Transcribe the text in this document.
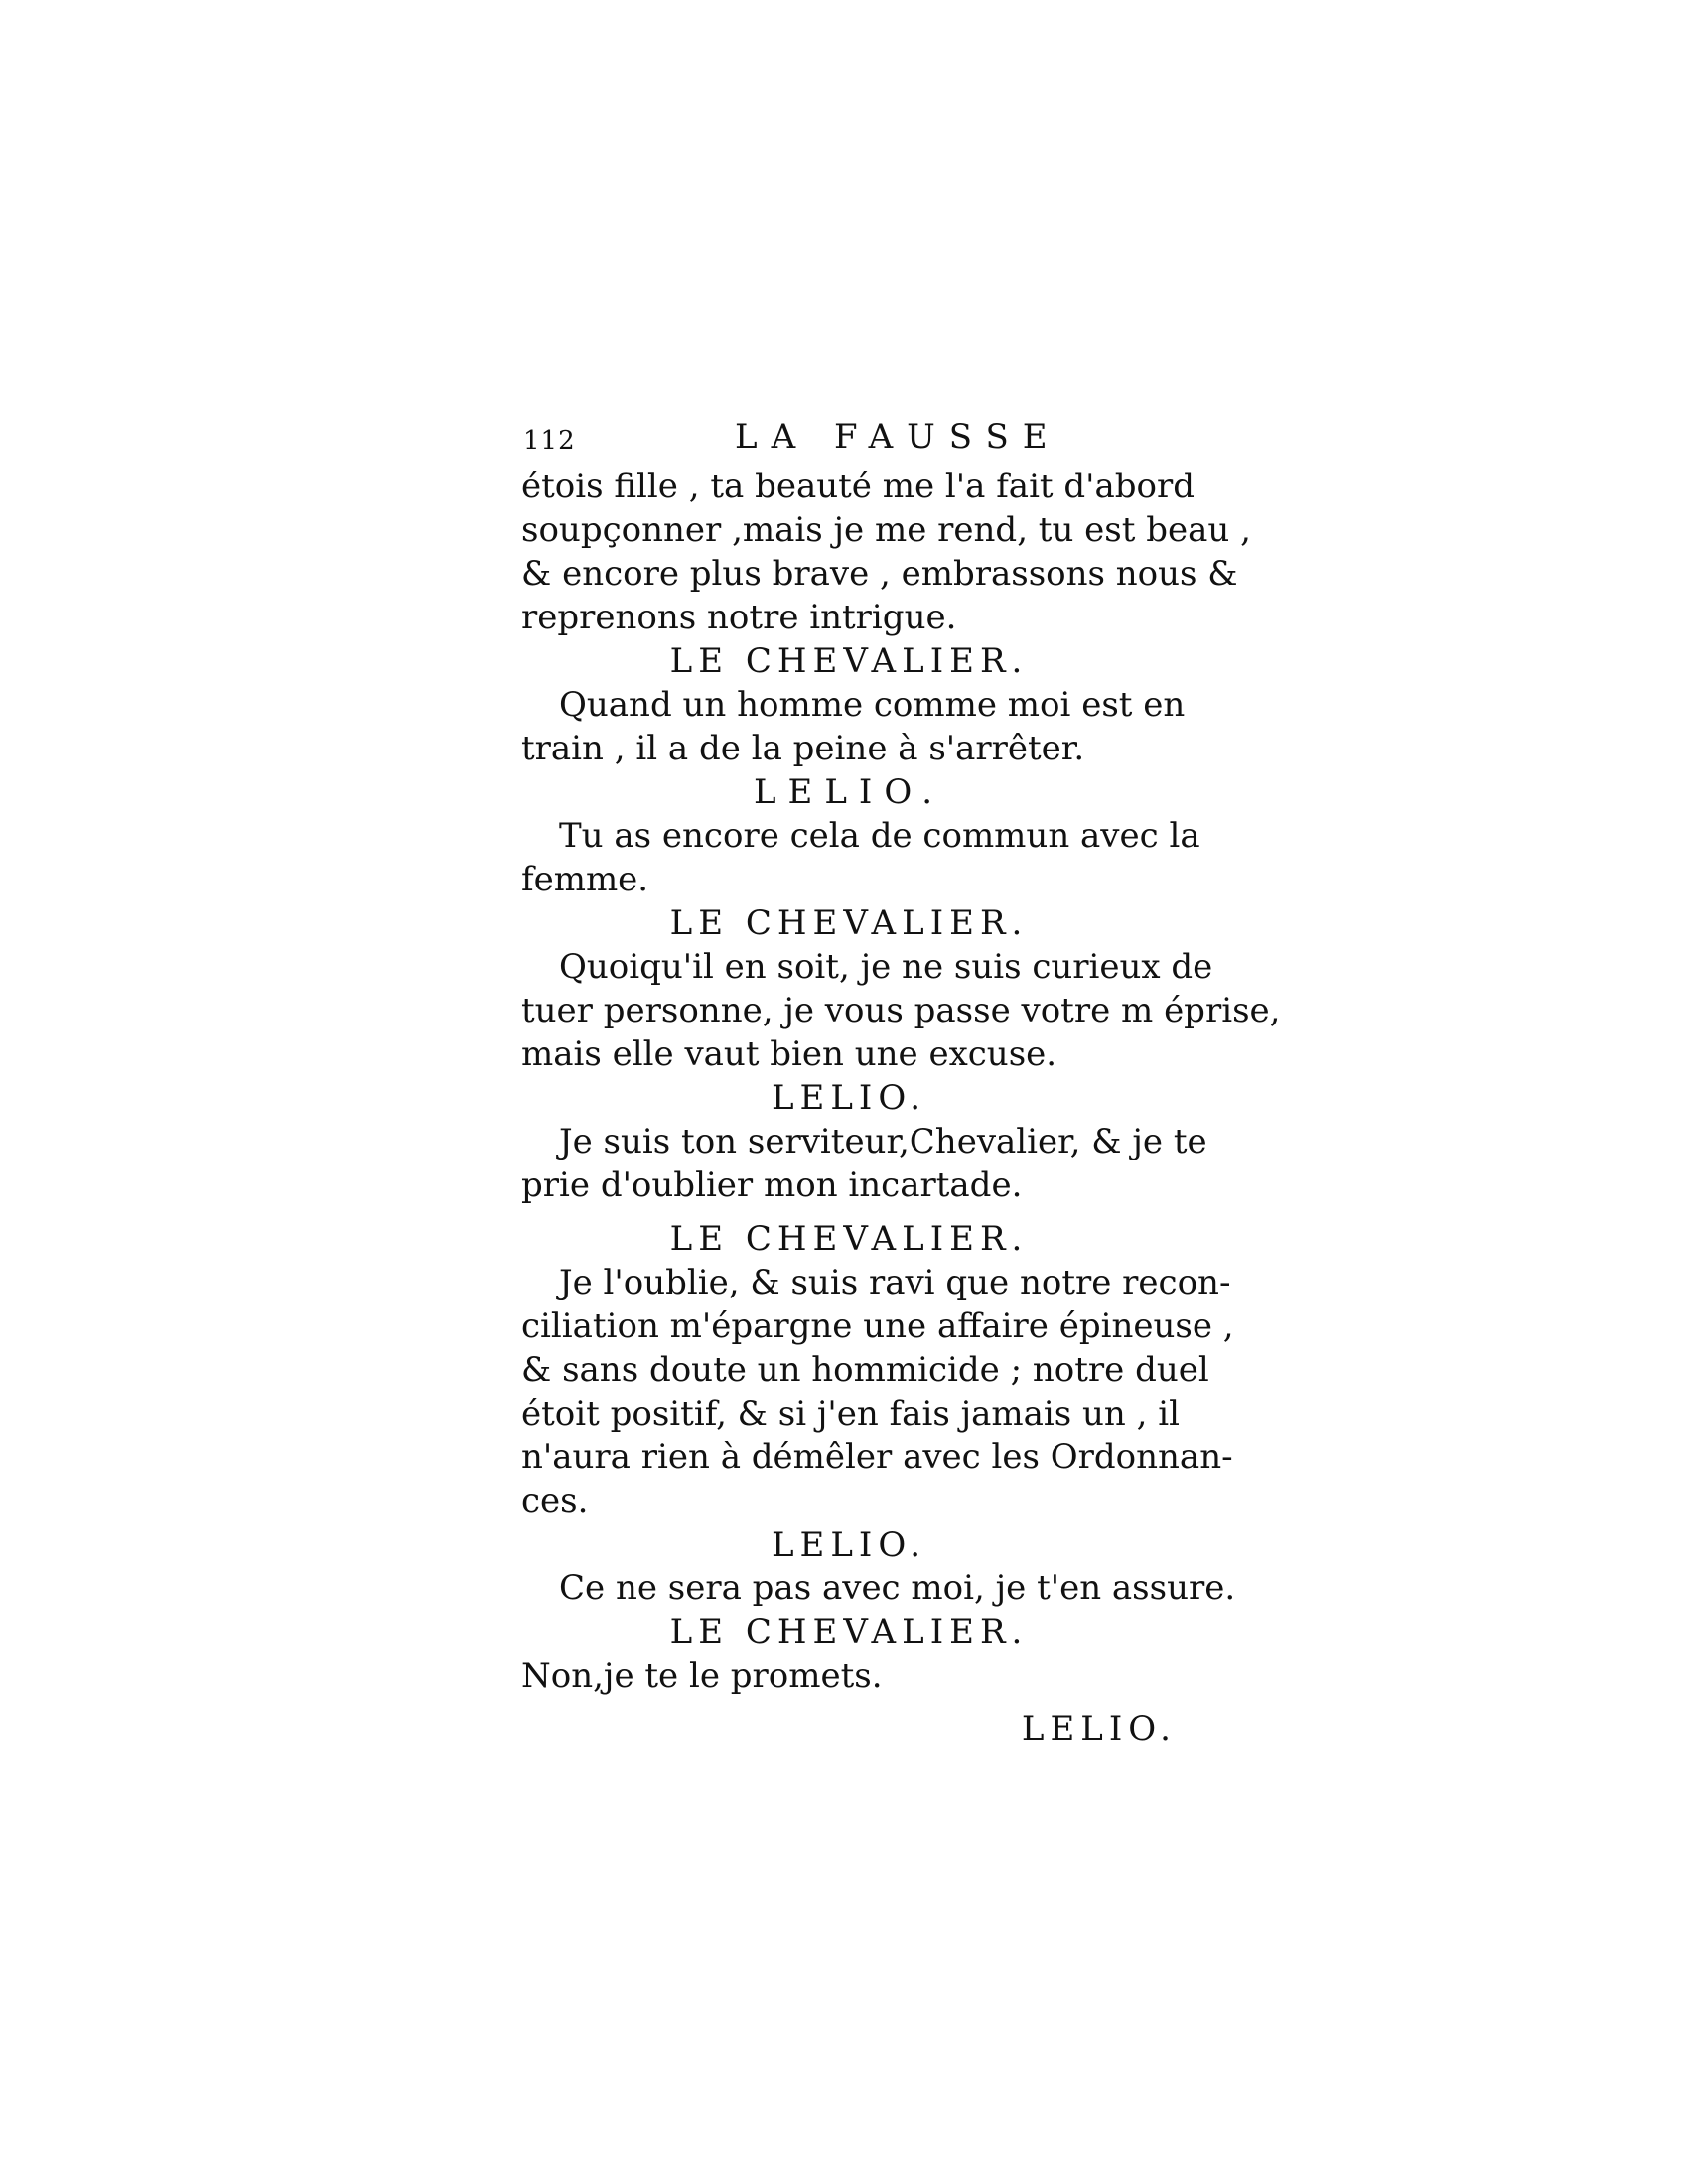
112	LA FAUSSE
étois fille , ta beauté me l'a fait d'abord
soupçonner ,mais je me rend, tu est beau ,
& encore plus brave , embrassons nous &
reprenons notre intrigue.
LE CHEVALIER.
Quand un homme comme moi est en
train , il a de la peine à s'arrêter.
LELIO.
Tu as encore cela de commun avec la
femme.
LE CHEVALIER.
Quoiqu'il en soit, je ne suis curieux de
tuer personne, je vous passe votre m éprise,
mais elle vaut bien une excuse.
LELIO.
Je suis ton serviteur,Chevalier, & je te
prie d'oublier mon incartade.
LE CHEVALIER.
Je l'oublie, & suis ravi que notre recon-
ciliation m'épargne une affaire épineuse ,
& sans doute un hommicide ; notre duel
étoit positif, & si j'en fais jamais un , il
n'aura rien à démêler avec les Ordonnan-
ces.
LELIO.
Ce ne sera pas avec moi, je t'en assure.
LE CHEVALIER.
Non,je te le promets.
LELIO.
